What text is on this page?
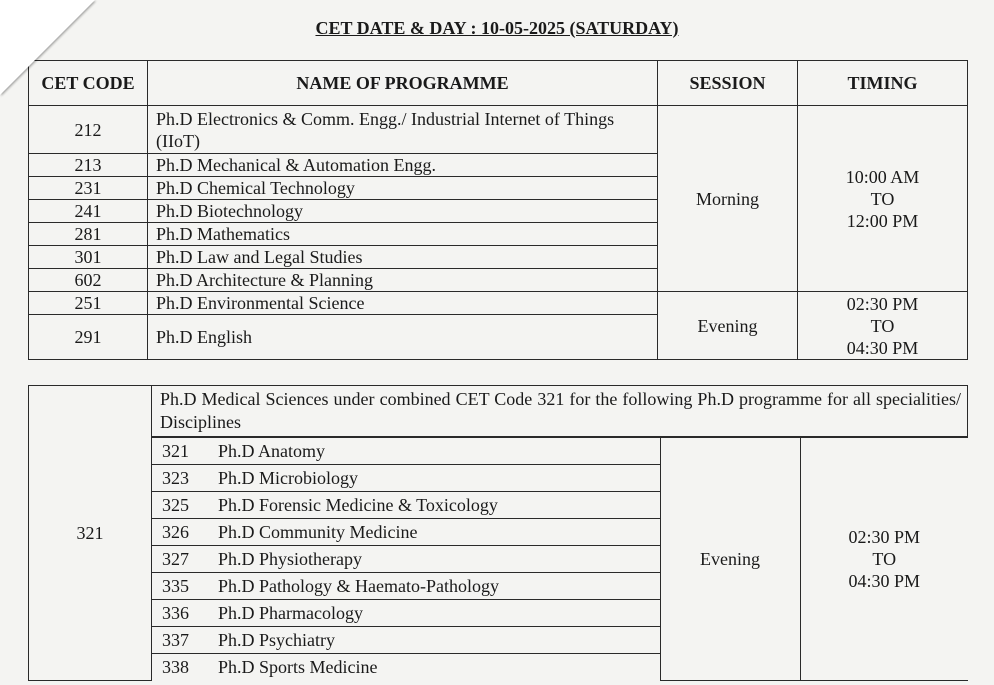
CET DATE & DAY : 10-05-2025 (SATURDAY)
CET CODE	NAME OF PROGRAMME	SESSION	TIMING
212	Ph.D Electronics & Comm. Engg./ Industrial Internet of Things (IIoT)	Morning	10:00 AM
TO
12:00 PM

213	Ph.D Mechanical & Automation Engg.		
231	Ph.D Chemical Technology		
241	Ph.D Biotechnology		
281	Ph.D Mathematics		
301	Ph.D Law and Legal Studies		
602	Ph.D Architecture & Planning		
251	Ph.D Environmental Science	Evening	02:30 PM
TO
04:30 PM

291	Ph.D English		
321	Ph.D Medical Sciences under combined CET Code 321 for the following Ph.D programme for all specialities/ Disciplines

321 Ph.D Anatomy	Evening	
02:30 PM
TO
04:30 PM

323 Ph.D Microbiology
325 Ph.D Forensic Medicine & Toxicology
326 Ph.D Community Medicine
327 Ph.D Physiotherapy
335 Ph.D Pathology & Haemato-Pathology
336 Ph.D Pharmacology
337 Ph.D Psychiatry
338 Ph.D Sports Medicine
